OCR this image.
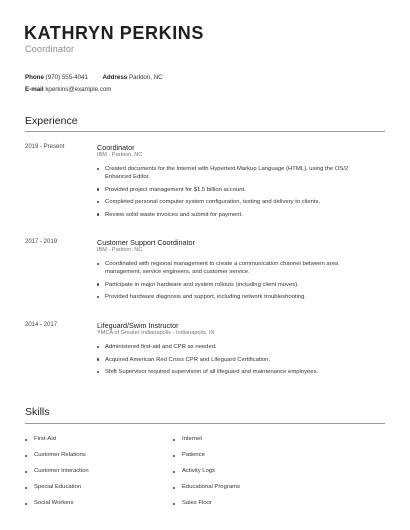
KATHRYN PERKINS
Coordinator
Phone (970) 555-4041 Address Parkton, NC
E-mail kperkins@example.com
Experience
2019 - Present	Coordinator
IBM - Parkton, NC
Created documents for the Internet with Hypertext Markup Language (HTML), using the OS/2 Enhanced Editor.
Provided project management for $1.5 billion account.
Completed personal computer system configuration, testing and delivery to clients.
Review solid waste invoices and submit for payment.
2017 - 2019	Customer Support Coordinator
IBM - Parkton, NC
Coordinated with regional management to create a communication channel between area management, service engineers, and customer service.
Participate in major hardware and system rollouts (including client moves).
Provided hardware diagnosis and support, including network troubleshooting.
2014 - 2017	Lifeguard/Swim Instructor
YMCA of Greater Indianapolis - Indianapolis, IN
Administered first-aid and CPR as needed.
Acquired American Red Cross CPR and Lifeguard Certification.
Shift Supervisor required supervision of all lifeguard and maintenance employees.
Skills
First-Aid
Customer Relations
Customer Interaction
Special Education
Social Workers
Internet
Patience
Activity Logs
Educational Programs
Sales Floor
